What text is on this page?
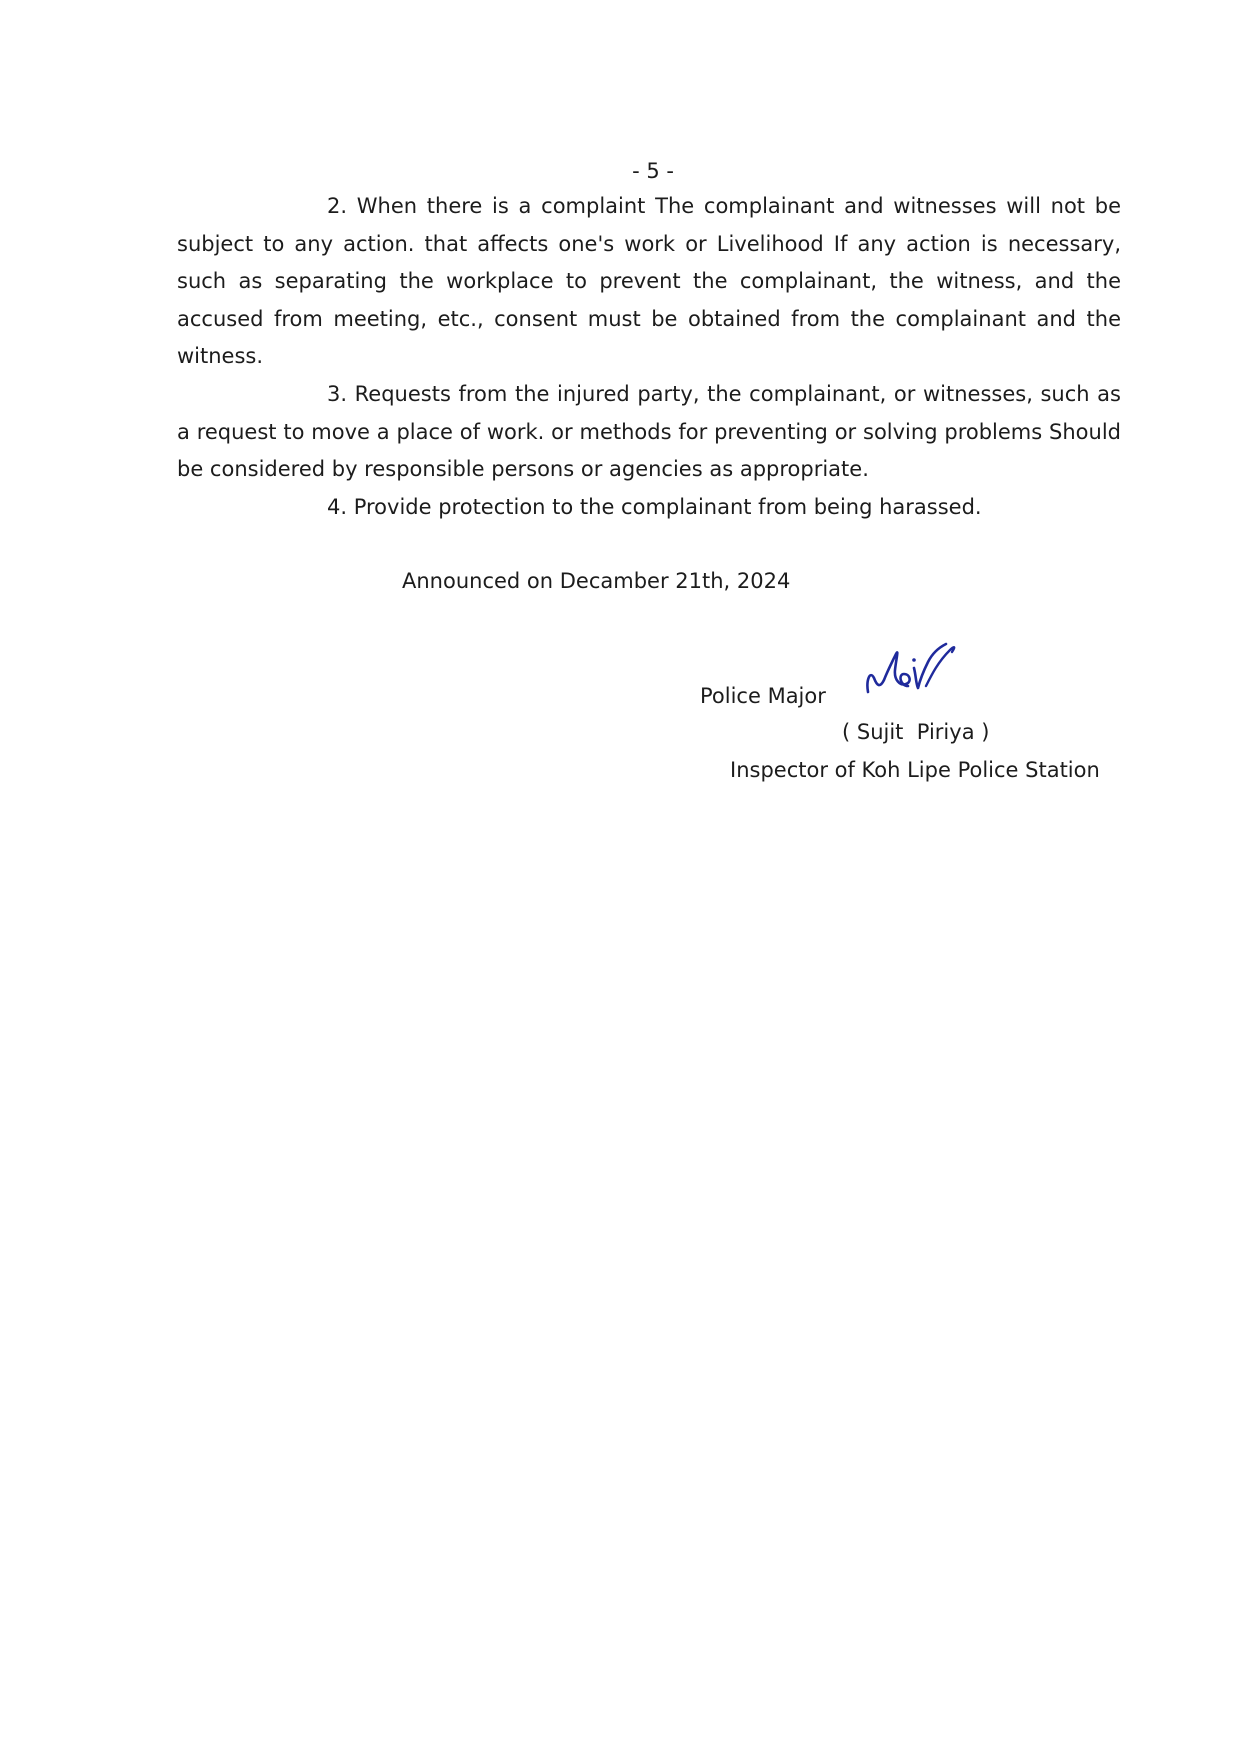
- 5 -

2. When there is a complaint The complainant and witnesses will not be subject to any action. that affects one's work or Livelihood If any action is necessary, such as separating the workplace to prevent the complainant, the witness, and the accused from meeting, etc., consent must be obtained from the complainant and the witness.

3. Requests from the injured party, the complainant, or witnesses, such as a request to move a place of work. or methods for preventing or solving problems Should be considered by responsible persons or agencies as appropriate.

4. Provide protection to the complainant from being harassed.

Announced on Decamber 21th, 2024
Police Major
( Sujit  Piriya )
Inspector of Koh Lipe Police Station
